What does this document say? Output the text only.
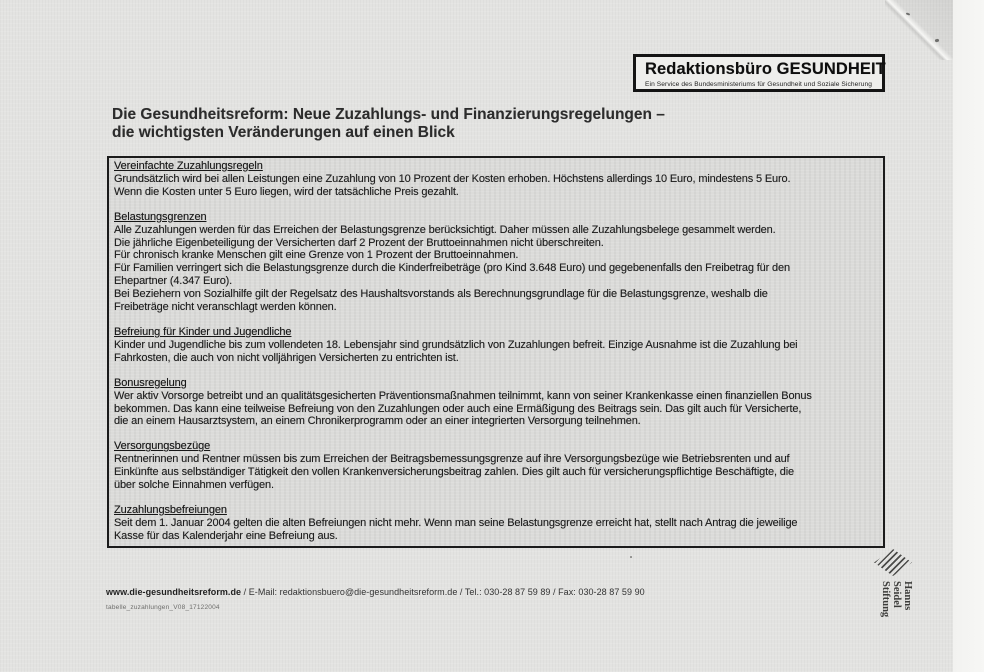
Redaktionsbüro GESUNDHEIT
Ein Service des Bundesministeriums für Gesundheit und Soziale Sicherung
Die Gesundheitsreform: Neue Zuzahlungs- und Finanzierungsregelungen –
die wichtigsten Veränderungen auf einen Blick
Vereinfachte Zuzahlungsregeln
Grundsätzlich wird bei allen Leistungen eine Zuzahlung von 10 Prozent der Kosten erhoben. Höchstens allerdings 10 Euro, mindestens 5 Euro.
Wenn die Kosten unter 5 Euro liegen, wird der tatsächliche Preis gezahlt.
Belastungsgrenzen
Alle Zuzahlungen werden für das Erreichen der Belastungsgrenze berücksichtigt. Daher müssen alle Zuzahlungsbelege gesammelt werden.
Die jährliche Eigenbeteiligung der Versicherten darf 2 Prozent der Bruttoeinnahmen nicht überschreiten.
Für chronisch kranke Menschen gilt eine Grenze von 1 Prozent der Bruttoeinnahmen.
Für Familien verringert sich die Belastungsgrenze durch die Kinderfreibeträge (pro Kind 3.648 Euro) und gegebenenfalls den Freibetrag für den
Ehepartner (4.347 Euro).
Bei Beziehern von Sozialhilfe gilt der Regelsatz des Haushaltsvorstands als Berechnungsgrundlage für die Belastungsgrenze, weshalb die
Freibeträge nicht veranschlagt werden können.
Befreiung für Kinder und Jugendliche
Kinder und Jugendliche bis zum vollendeten 18. Lebensjahr sind grundsätzlich von Zuzahlungen befreit. Einzige Ausnahme ist die Zuzahlung bei
Fahrkosten, die auch von nicht volljährigen Versicherten zu entrichten ist.
Bonusregelung
Wer aktiv Vorsorge betreibt und an qualitätsgesicherten Präventionsmaßnahmen teilnimmt, kann von seiner Krankenkasse einen finanziellen Bonus
bekommen. Das kann eine teilweise Befreiung von den Zuzahlungen oder auch eine Ermäßigung des Beitrags sein. Das gilt auch für Versicherte,
die an einem Hausarztsystem, an einem Chronikerprogramm oder an einer integrierten Versorgung teilnehmen.
Versorgungsbezüge
Rentnerinnen und Rentner müssen bis zum Erreichen der Beitragsbemessungsgrenze auf ihre Versorgungsbezüge wie Betriebsrenten und auf
Einkünfte aus selbständiger Tätigkeit den vollen Krankenversicherungsbeitrag zahlen. Dies gilt auch für versicherungspflichtige Beschäftigte, die
über solche Einnahmen verfügen.
Zuzahlungsbefreiungen
Seit dem 1. Januar 2004 gelten die alten Befreiungen nicht mehr. Wenn man seine Belastungsgrenze erreicht hat, stellt nach Antrag die jeweilige
Kasse für das Kalenderjahr eine Befreiung aus.
www.die-gesundheitsreform.de / E-Mail: redaktionsbuero@die-gesundheitsreform.de / Tel.: 030-28 87 59 89 / Fax: 030-28 87 59 90
tabelle_zuzahlungen_V08_17122004	Hanns
Seidel
Stiftung
